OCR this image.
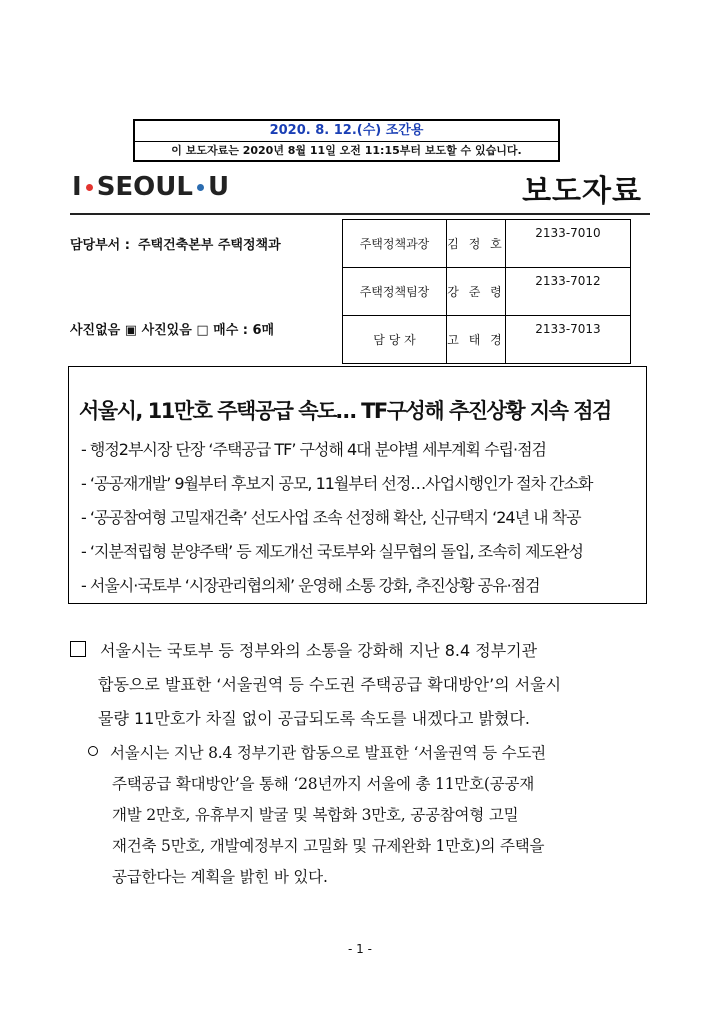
2020. 8. 12.(수) 조간용
이 보도자료는 2020년 8월 11일 오전 11:15부터 보도할 수 있습니다.
I SEOUL U	보도자료
담당부서 : 주택건축본부 주택정책과
사진없음 ▣ 사진있음 □ 매수 : 6매
주택정책과장	김 정 호	2133-7010
주택정책팀장	강 준 령	2133-7012
담 당 자	고 태 경	2133-7013
서울시, 11만호 주택공급 속도… TF구성해 추진상황 지속 점검
- 행정2부시장 단장 ‘주택공급 TF’ 구성해 4대 분야별 세부계획 수립·점검
- ‘공공재개발’ 9월부터 후보지 공모, 11월부터 선정…사업시행인가 절차 간소화
- ‘공공참여형 고밀재건축’ 선도사업 조속 선정해 확산, 신규택지 ‘24년 내 착공
- ‘지분적립형 분양주택’ 등 제도개선 국토부와 실무협의 돌입, 조속히 제도완성
- 서울시·국토부 ‘시장관리협의체’ 운영해 소통 강화, 추진상황 공유·점검
서울시는 국토부 등 정부와의 소통을 강화해 지난 8.4 정부기관
합동으로 발표한 ‘서울권역 등 수도권 주택공급 확대방안’의 서울시
물량 11만호가 차질 없이 공급되도록 속도를 내겠다고 밝혔다.
서울시는 지난 8.4 정부기관 합동으로 발표한 ‘서울권역 등 수도권
주택공급 확대방안’을 통해 ‘28년까지 서울에 총 11만호(공공재
개발 2만호, 유휴부지 발굴 및 복합화 3만호, 공공참여형 고밀
재건축 5만호, 개발예정부지 고밀화 및 규제완화 1만호)의 주택을
공급한다는 계획을 밝힌 바 있다.
- 1 -
